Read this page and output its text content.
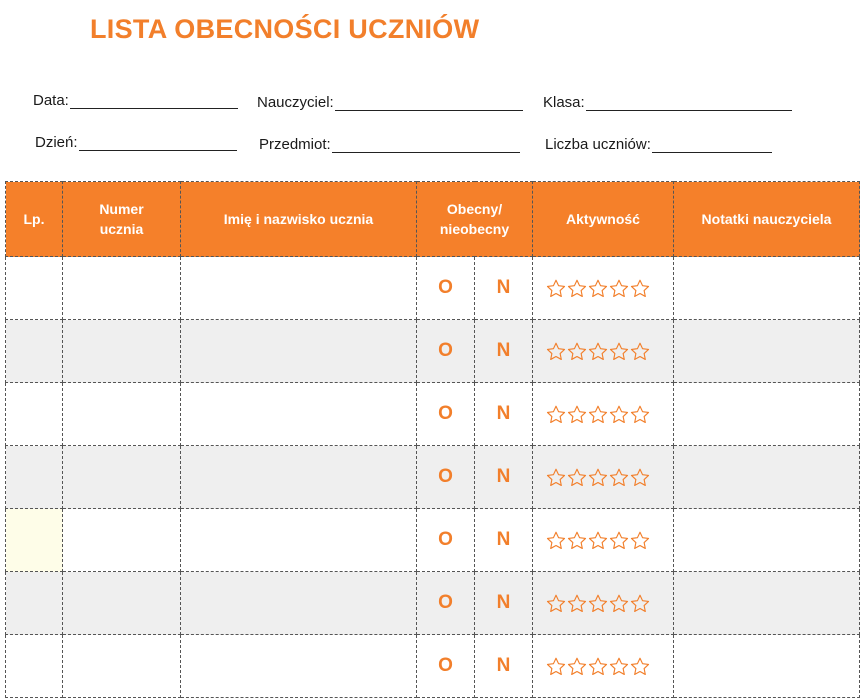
LISTA OBECNOŚCI UCZNIÓW
Data:	Nauczyciel:	Klasa:
Dzień:	Przedmiot:	Liczba uczniów:
Lp.	Numer ucznia	Imię i nazwisko ucznia	Obecny/ nieobecny		Aktywność	Notatki nauczyciela
			O	N	

			O	N	

			O	N	

			O	N	

			O	N	

			O	N	

			O	N	
